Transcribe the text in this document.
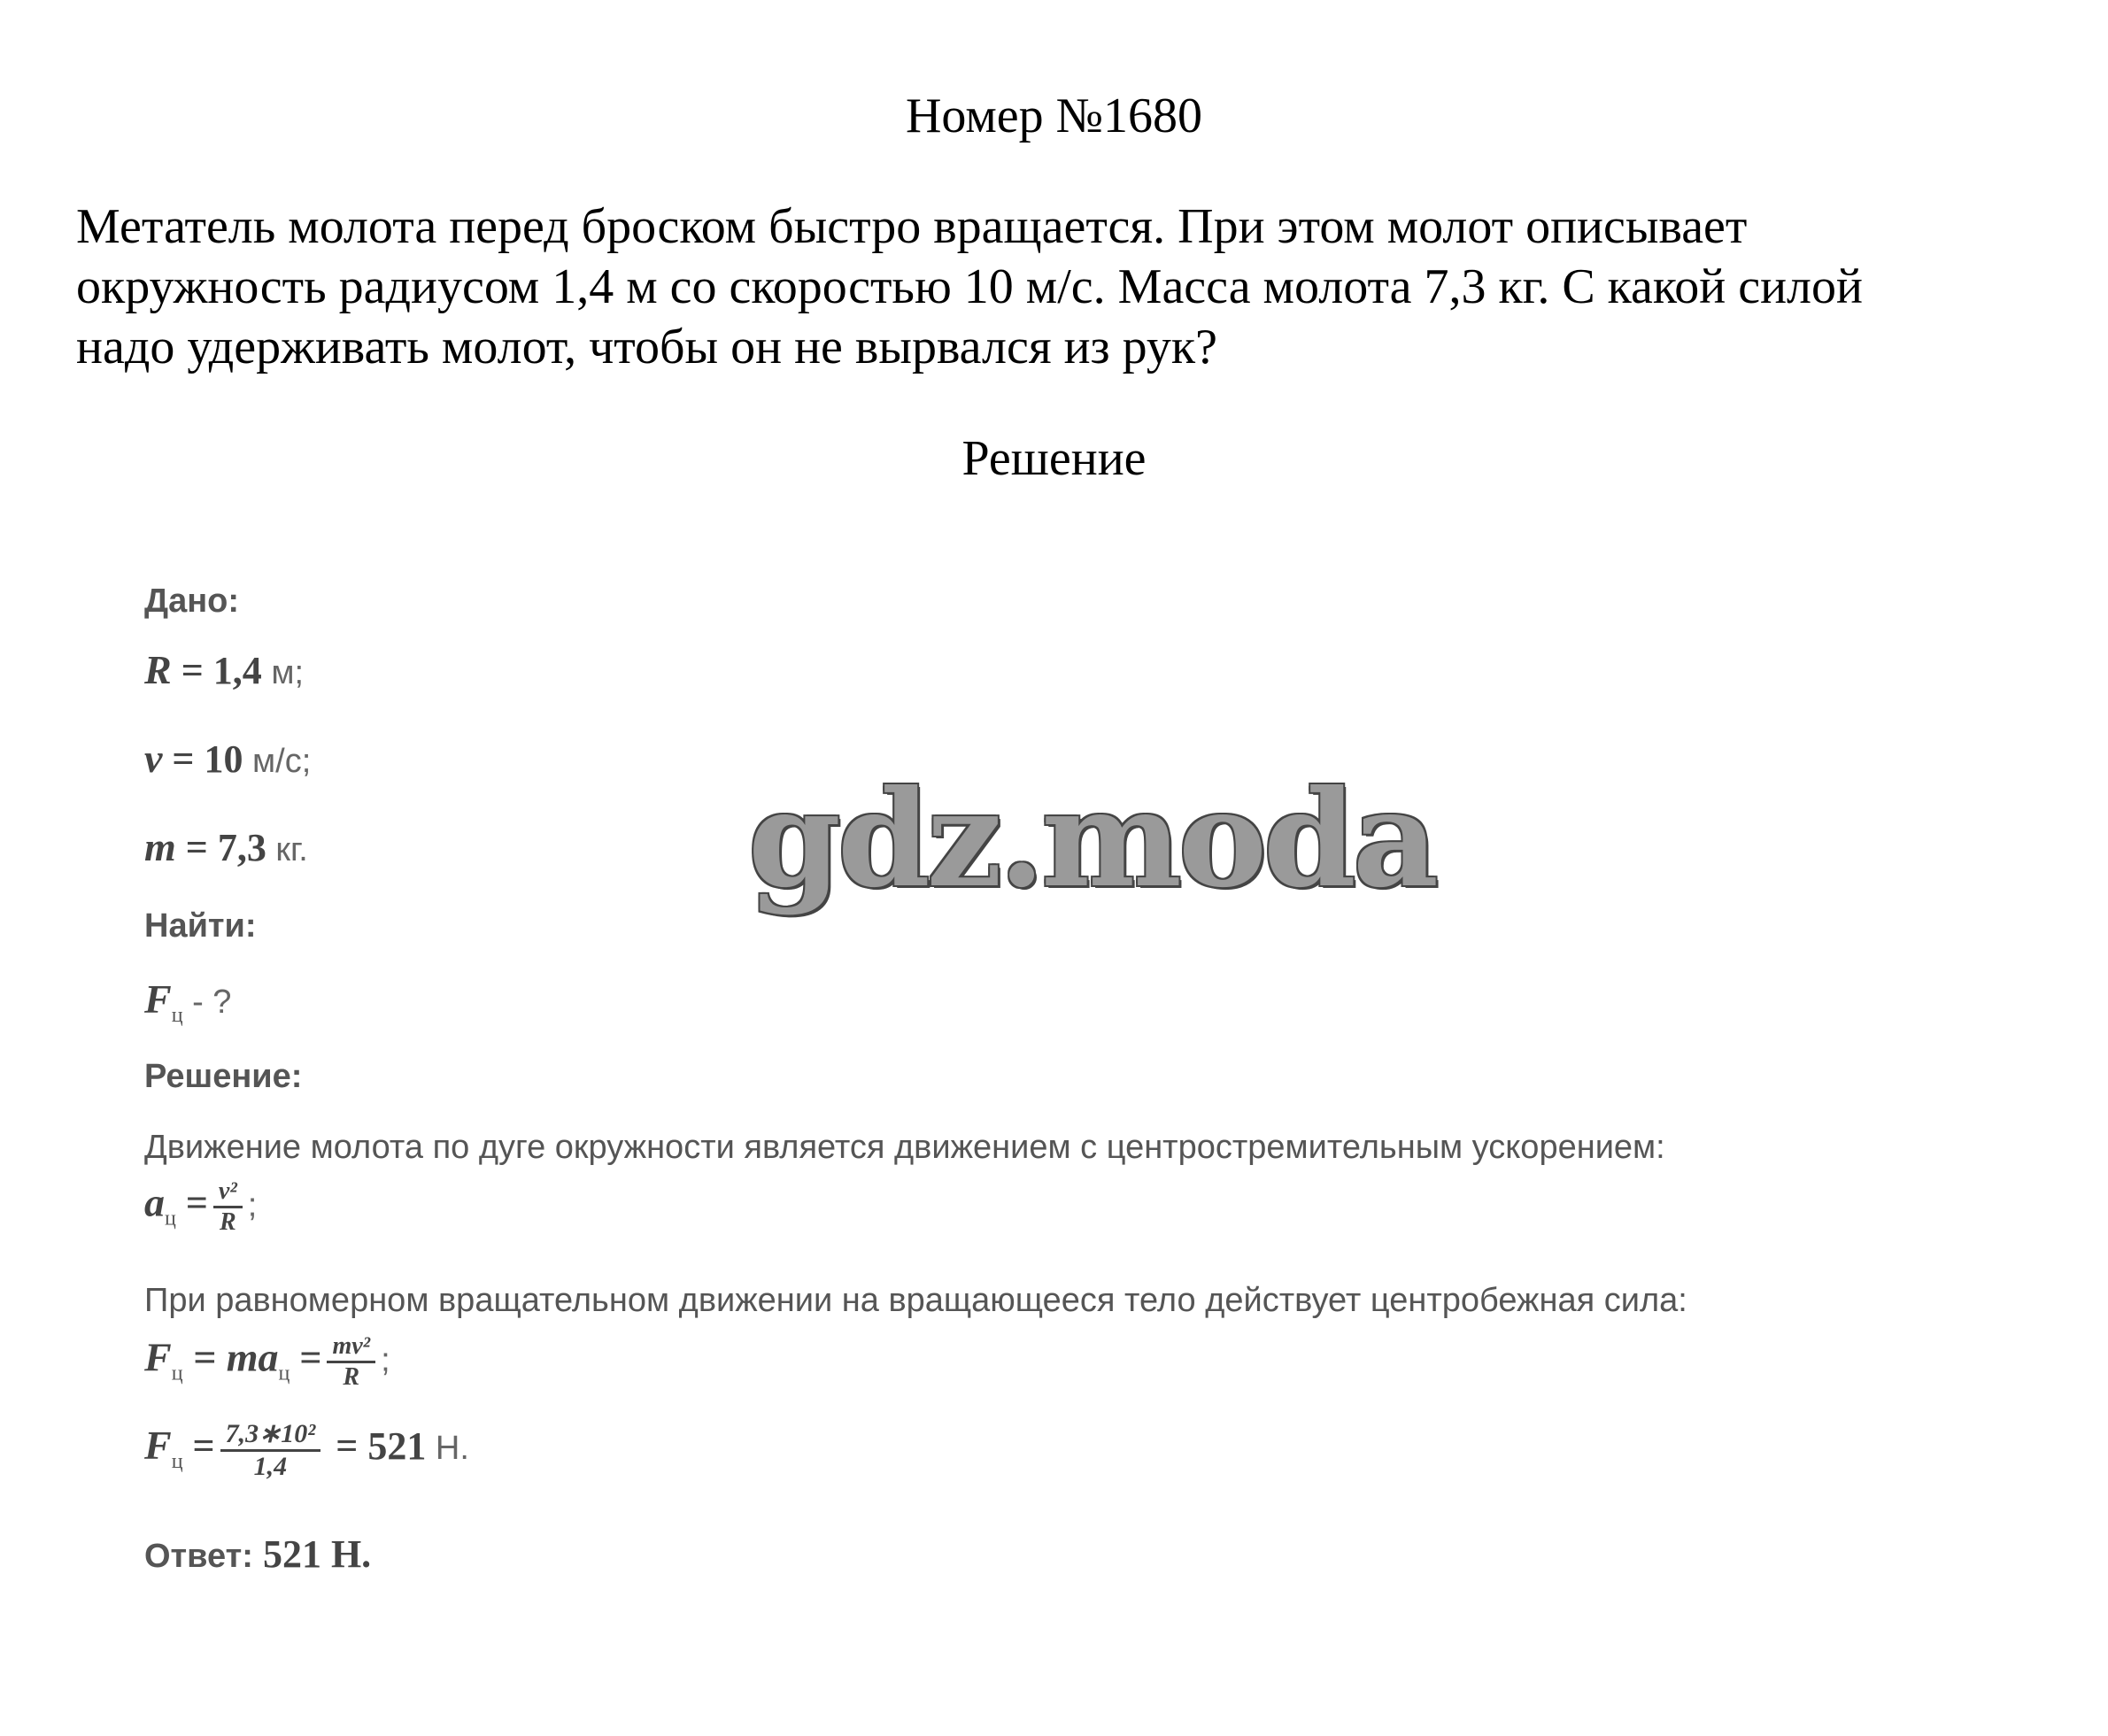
Номер №1680
Метатель молота перед броском быстро вращается. При этом молот описывает
окружность радиусом 1,4 м со скоростью 10 м/с. Масса молота 7,3 кг. С какой силой
надо удерживать молот, чтобы он не вырвался из рук?
Решение
Дано:
R = 1,4 м;
v = 10 м/с;
m = 7,3 кг.
Найти:
$F_ц$ - ?
Решение:
Движение молота по дуге окружности является движением с центростремительным ускорением:
$a_ц = \frac{\text{v²}}{R}$ ;
При равномерном вращательном движении на вращающееся тело действует центробежная сила:
$F_ц = ma_ц = \frac{\text{mv²}}{R}$ ;
$F_ц = \frac{\text{7,3∗10²}}{1,4} = 521$ Н.
Ответ: 521 Н.
gdz.moda
